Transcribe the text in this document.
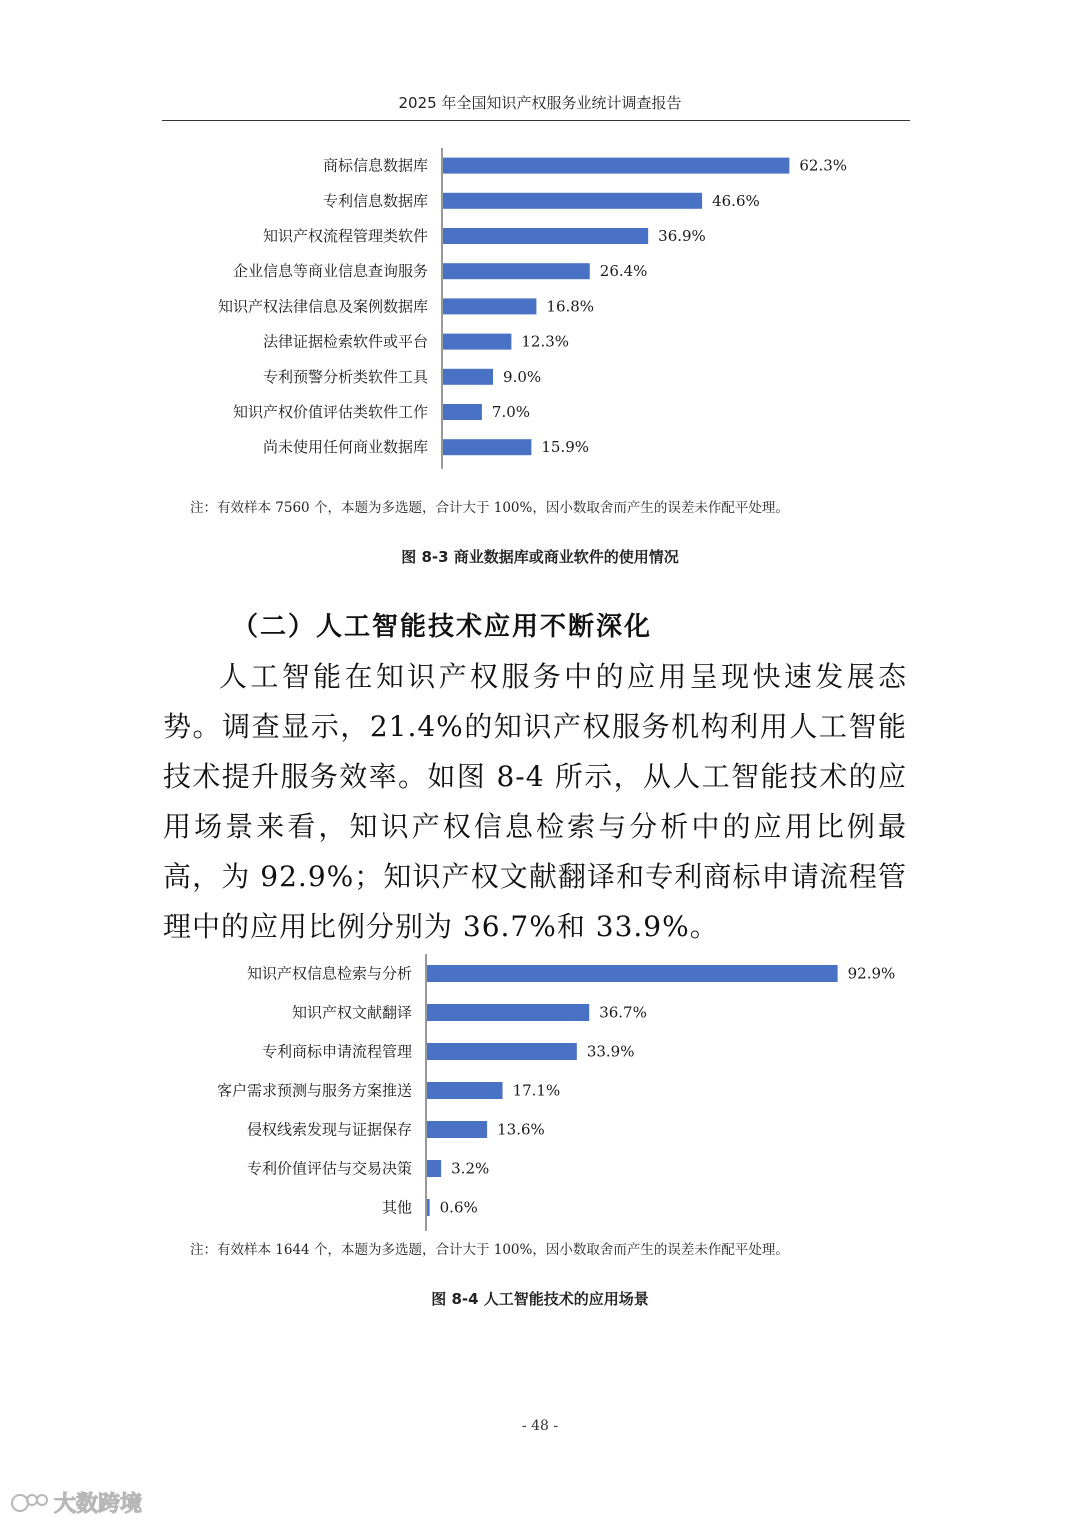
2025 年全国知识产权服务业统计调查报告
商标信息数据库	62.3%
专利信息数据库	46.6%
知识产权流程管理类软件	36.9%
企业信息等商业信息查询服务	26.4%
知识产权法律信息及案例数据库	16.8%
法律证据检索软件或平台	12.3%
专利预警分析类软件工具	9.0%
知识产权价值评估类软件工作	7.0%
尚未使用任何商业数据库	15.9%
注：有效样本 7560 个，本题为多选题，合计大于 100%，因小数取舍而产生的误差未作配平处理。
图 8-3 商业数据库或商业软件的使用情况
（二）人工智能技术应用不断深化
人工智能在知识产权服务中的应用呈现快速发展态势。调查显示，21.4%的知识产权服务机构利用人工智能技术提升服务效率。如图 8-4 所示，从人工智能技术的应用场景来看，知识产权信息检索与分析中的应用比例最高，为 92.9%；知识产权文献翻译和专利商标申请流程管理中的应用比例分别为 36.7%和 33.9%。
知识产权信息检索与分析	92.9%
知识产权文献翻译	36.7%
专利商标申请流程管理	33.9%
客户需求预测与服务方案推送	17.1%
侵权线索发现与证据保存	13.6%
专利价值评估与交易决策	3.2%
其他 0.6%
注：有效样本 1644 个，本题为多选题，合计大于 100%，因小数取舍而产生的误差未作配平处理。
图 8-4 人工智能技术的应用场景
- 48 -
大数跨境
